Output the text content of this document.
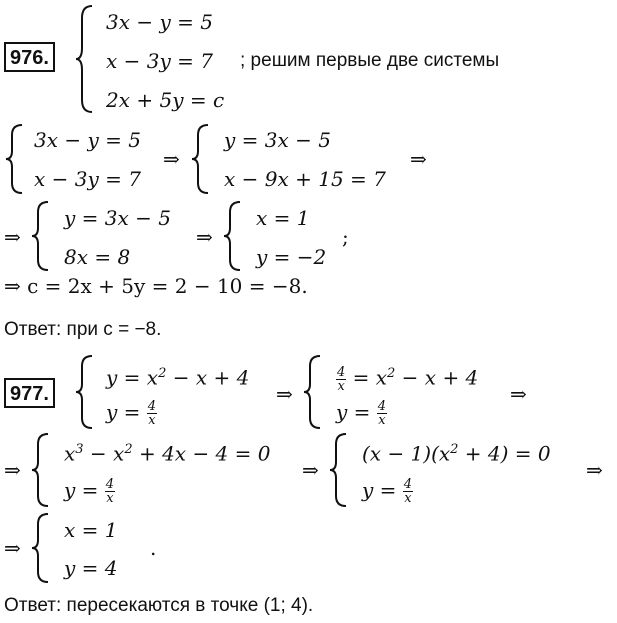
976.
3x − y = 5
x − 3y = 7
2x + 5y = c
; решим первые две системы
3x − y = 5
x − 3y = 7
⇒
y = 3x − 5
x − 9x + 15 = 7
⇒
⇒
y = 3x − 5
8x = 8
⇒
x = 1
y = −2
;
⇒ c = 2x + 5y = 2 − 10 = −8.
Ответ: при c = −8.
977.
$y = x^2 - x + 4$
$y = \frac{4}{x}$
⇒
$\frac{4}{x} = x^2 - x + 4$
$y = \frac{4}{x}$
⇒
⇒
$x^3 - x^2 + 4x - 4 = 0$
$y = \frac{4}{x}$
⇒
$(x - 1)(x^2 + 4) = 0$
$y = \frac{4}{x}$
⇒
⇒
x = 1
y = 4
.
Ответ: пересекаются в точке (1; 4).
